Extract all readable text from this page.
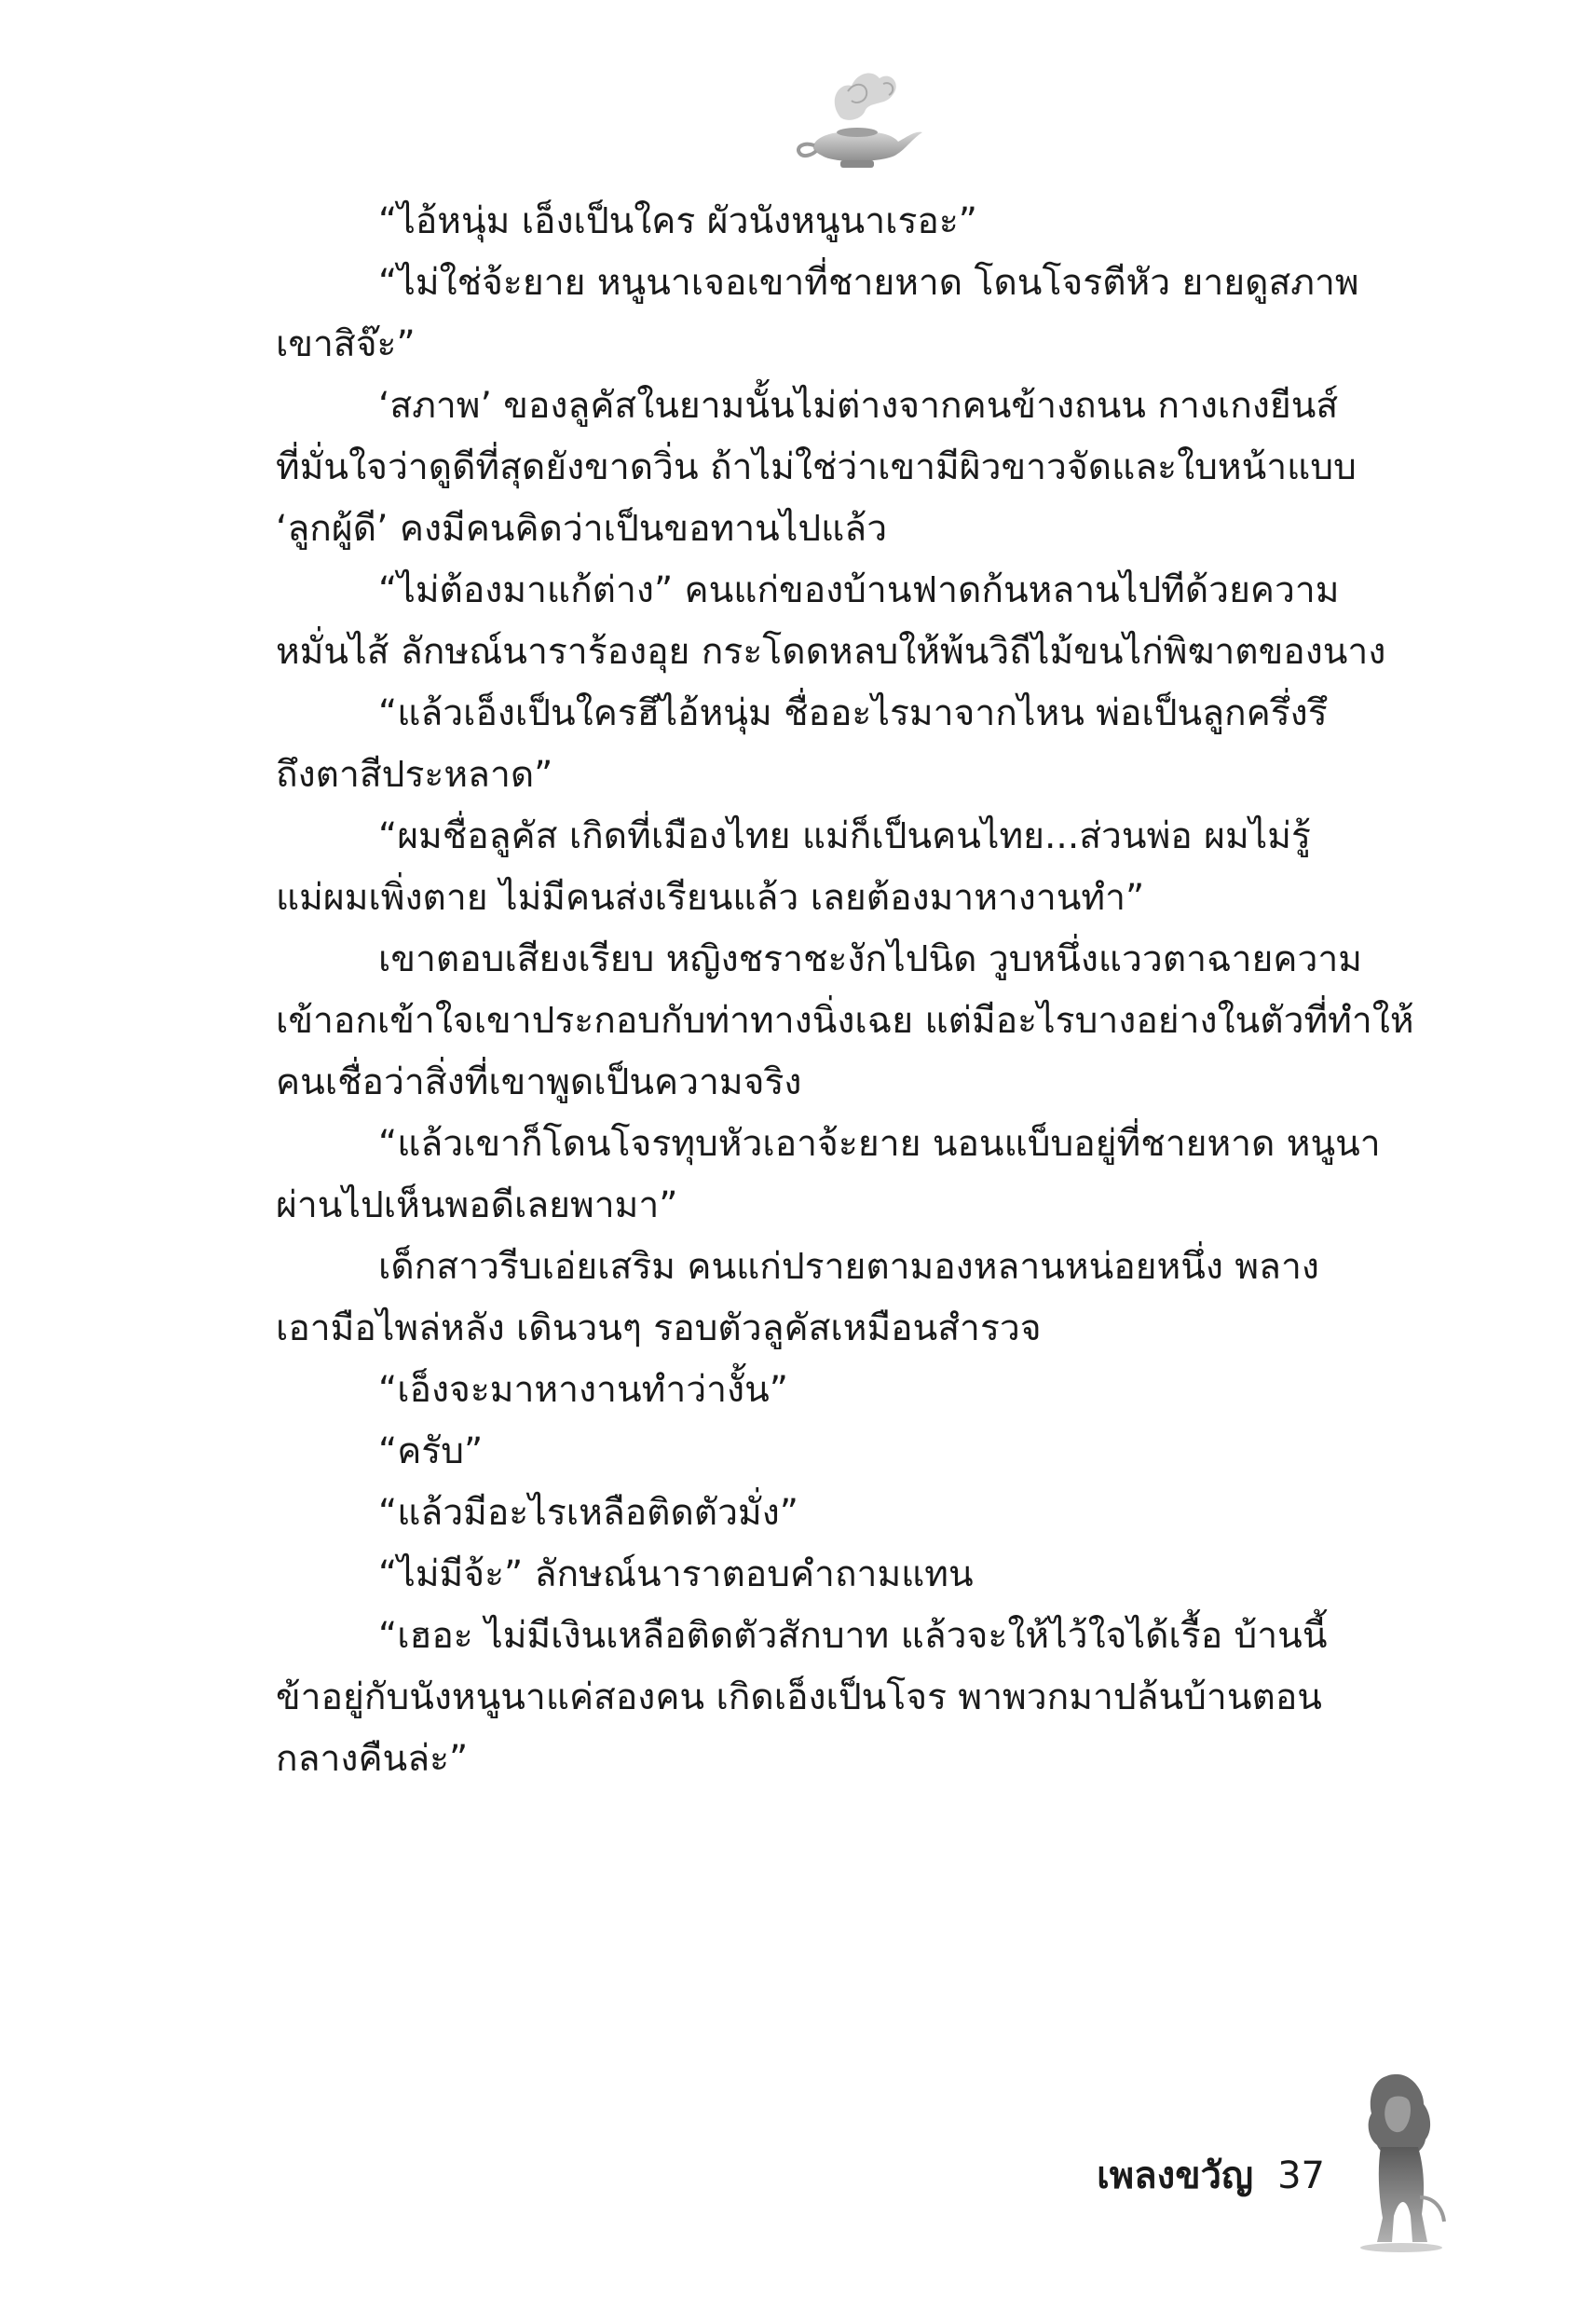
“ไอ้หนุ่ม เอ็งเป็นใคร ผัวนังหนูนาเรอะ”

“ไม่ใช่จ้ะยาย หนูนาเจอเขาที่ชายหาด โดนโจรตีหัว ยายดูสภาพ
เขาสิจ๊ะ”

‘สภาพ’ ของลูคัสในยามนั้นไม่ต่างจากคนข้างถนน กางเกงยีนส์
ที่มั่นใจว่าดูดีที่สุดยังขาดวิ่น ถ้าไม่ใช่ว่าเขามีผิวขาวจัดและใบหน้าแบบ
‘ลูกผู้ดี’ คงมีคนคิดว่าเป็นขอทานไปแล้ว

“ไม่ต้องมาแก้ต่าง” คนแก่ของบ้านฟาดก้นหลานไปทีด้วยความ
หมั่นไส้ ลักษณ์นาราร้องอุย กระโดดหลบให้พ้นวิถีไม้ขนไก่พิฆาตของนาง

“แล้วเอ็งเป็นใครฮึไอ้หนุ่ม ชื่ออะไรมาจากไหน พ่อเป็นลูกครึ่งรึ
ถึงตาสีประหลาด”

“ผมชื่อลูคัส เกิดที่เมืองไทย แม่ก็เป็นคนไทย...ส่วนพ่อ ผมไม่รู้
แม่ผมเพิ่งตาย ไม่มีคนส่งเรียนแล้ว เลยต้องมาหางานทำ”

เขาตอบเสียงเรียบ หญิงชราชะงักไปนิด วูบหนึ่งแววตาฉายความ
เข้าอกเข้าใจเขาประกอบกับท่าทางนิ่งเฉย แต่มีอะไรบางอย่างในตัวที่ทำให้
คนเชื่อว่าสิ่งที่เขาพูดเป็นความจริง

“แล้วเขาก็โดนโจรทุบหัวเอาจ้ะยาย นอนแบ็บอยู่ที่ชายหาด หนูนา
ผ่านไปเห็นพอดีเลยพามา”

เด็กสาวรีบเอ่ยเสริม คนแก่ปรายตามองหลานหน่อยหนึ่ง พลาง
เอามือไพล่หลัง เดินวนๆ รอบตัวลูคัสเหมือนสำรวจ

“เอ็งจะมาหางานทำว่างั้น”

“ครับ”

“แล้วมีอะไรเหลือติดตัวมั่ง”

“ไม่มีจ้ะ” ลักษณ์นาราตอบคำถามแทน

“เฮอะ ไม่มีเงินเหลือติดตัวสักบาท แล้วจะให้ไว้ใจได้เรื้อ บ้านนี้
ข้าอยู่กับนังหนูนาแค่สองคน เกิดเอ็งเป็นโจร พาพวกมาปล้นบ้านตอน
กลางคืนล่ะ”

เพลงขวัญ 37
